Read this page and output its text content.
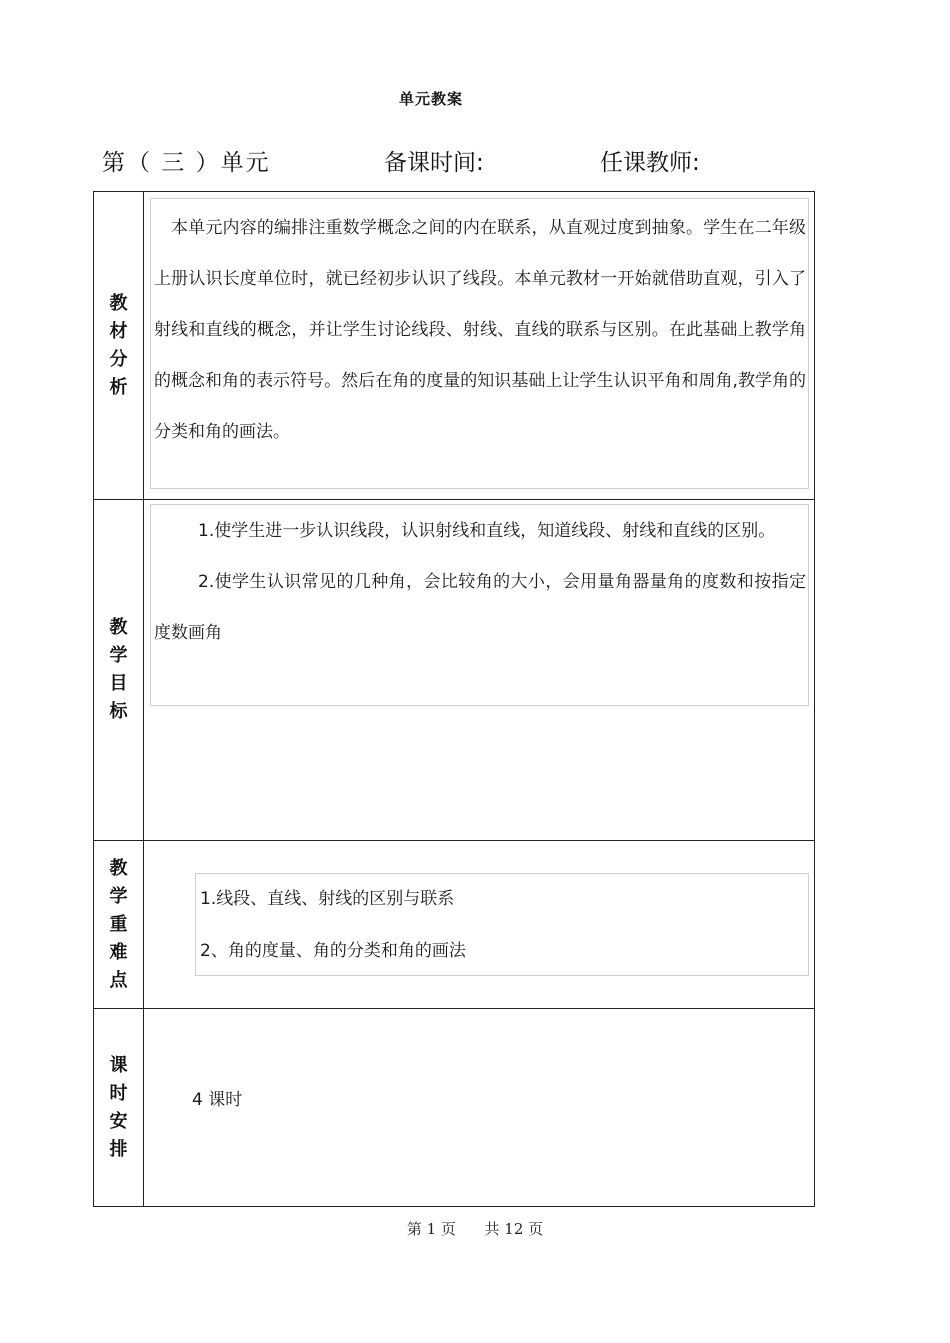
单元教案
第（ 三 ）单元	备课时间:	任课教师:
教材分析

本单元内容的编排注重数学概念之间的内在联系，从直观过度到抽象。学生在二年级上册认识长度单位时，就已经初步认识了线段。本单元教材一开始就借助直观，引入了射线和直线的概念，并让学生讨论线段、射线、直线的联系与区别。在此基础上教学角的概念和角的表示符号。然后在角的度量的知识基础上让学生认识平角和周角,教学角的分类和角的画法。

教学目标

1.使学生进一步认识线段，认识射线和直线，知道线段、射线和直线的区别。

2.使学生认识常见的几种角，会比较角的大小，会用量角器量角的度数和按指定度数画角

教学重难点

1.线段、直线、射线的区别与联系

2、角的度量、角的分类和角的画法

课时安排
4 课时
第 1 页 共 12 页
